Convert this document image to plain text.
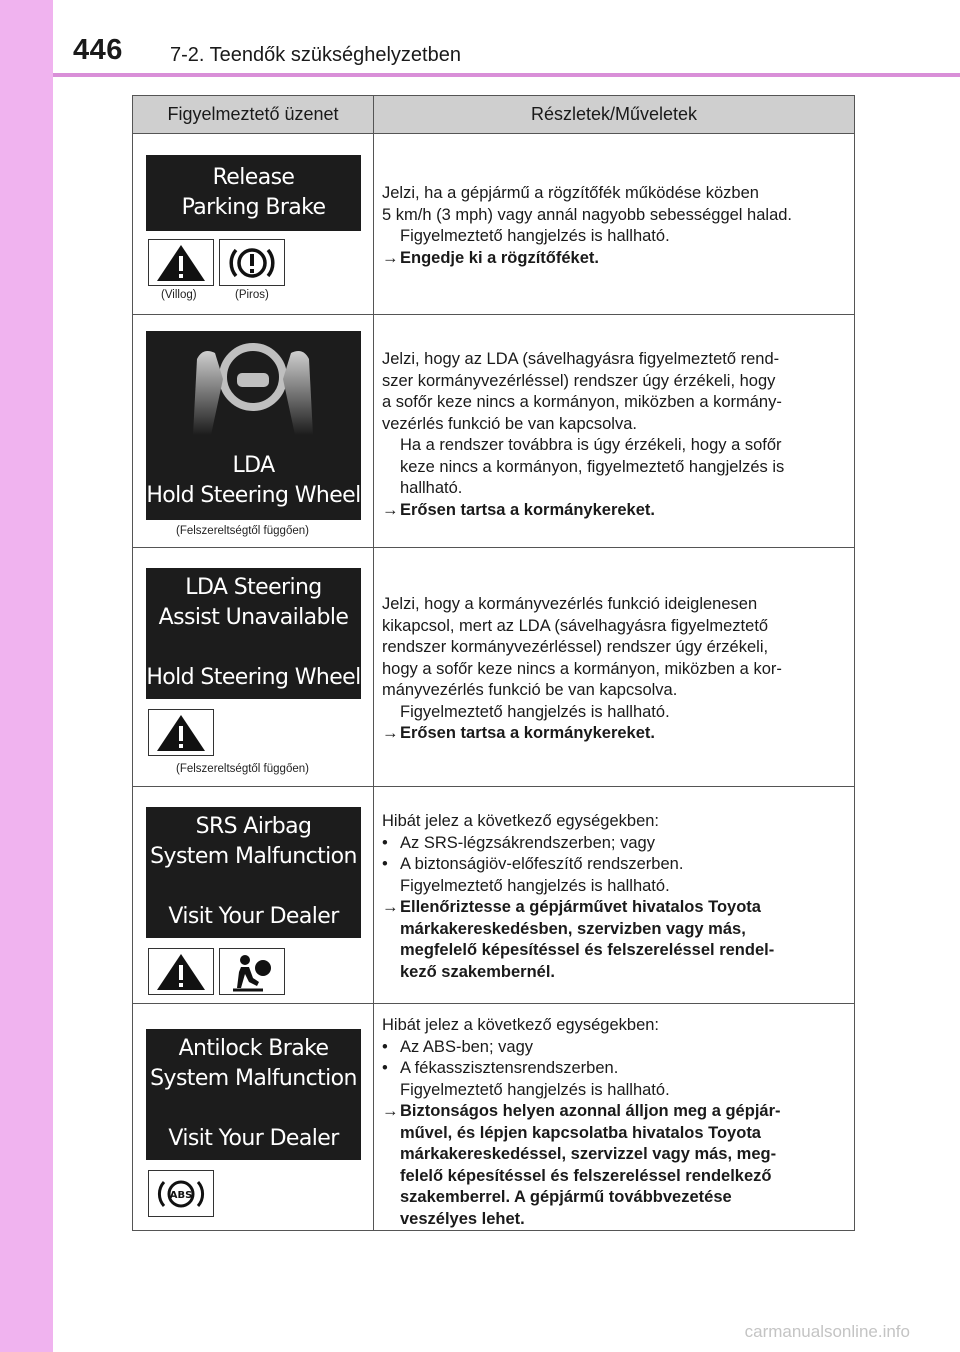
446 7-2. Teendők szükséghelyzetben
Figyelmeztető üzenet	Részletek/Műveletek
Release
Parking Brake
(Villog)	(Piros)

Jelzi, ha a gépjármű a rögzítőfék működése közben

5 km/h (3 mph) vagy annál nagyobb sebességgel halad.

Figyelmeztető hangjelzés is hallható.

→ Engedje ki a rögzítőféket.
LDA
Hold Steering Wheel
(Felszereltségtől függően)

Jelzi, hogy az LDA (sávelhagyásra figyelmeztető rend-

szer kormányvezérléssel) rendszer úgy érzékeli, hogy

a sofőr keze nincs a kormányon, miközben a kormány-

vezérlés funkció be van kapcsolva.

Ha a rendszer továbbra is úgy érzékeli, hogy a sofőr

keze nincs a kormányon, figyelmeztető hangjelzés is

hallható.

→ Erősen tartsa a kormánykereket.
LDA Steering
Assist Unavailable
Hold Steering Wheel
(Felszereltségtől függően)

Jelzi, hogy a kormányvezérlés funkció ideiglenesen

kikapcsol, mert az LDA (sávelhagyásra figyelmeztető

rendszer kormányvezérléssel) rendszer úgy érzékeli,

hogy a sofőr keze nincs a kormányon, miközben a kor-

mányvezérlés funkció be van kapcsolva.

Figyelmeztető hangjelzés is hallható.

→ Erősen tartsa a kormánykereket.
SRS Airbag
System Malfunction
Visit Your Dealer

Hibát jelez a következő egységekben:

• Az SRS-légzsákrendszerben; vagy
• A biztonságiöv-előfeszítő rendszerben.

Figyelmeztető hangjelzés is hallható.

→ Ellenőriztesse a gépjárművet hivatalos Toyota

márkakereskedésben, szervizben vagy más,

megfelelő képesítéssel és felszereléssel rendel-

kező szakembernél.

Antilock Brake
System Malfunction
Visit Your Dealer
ABS

Hibát jelez a következő egységekben:

• Az ABS-ben; vagy
• A fékasszisztensrendszerben.

Figyelmeztető hangjelzés is hallható.

→ Biztonságos helyen azonnal álljon meg a gépjár-

művel, és lépjen kapcsolatba hivatalos Toyota

márkakereskedéssel, szervizzel vagy más, meg-

felelő képesítéssel és felszereléssel rendelkező

szakemberrel. A gépjármű továbbvezetése

veszélyes lehet.

carmanualsonline.info
